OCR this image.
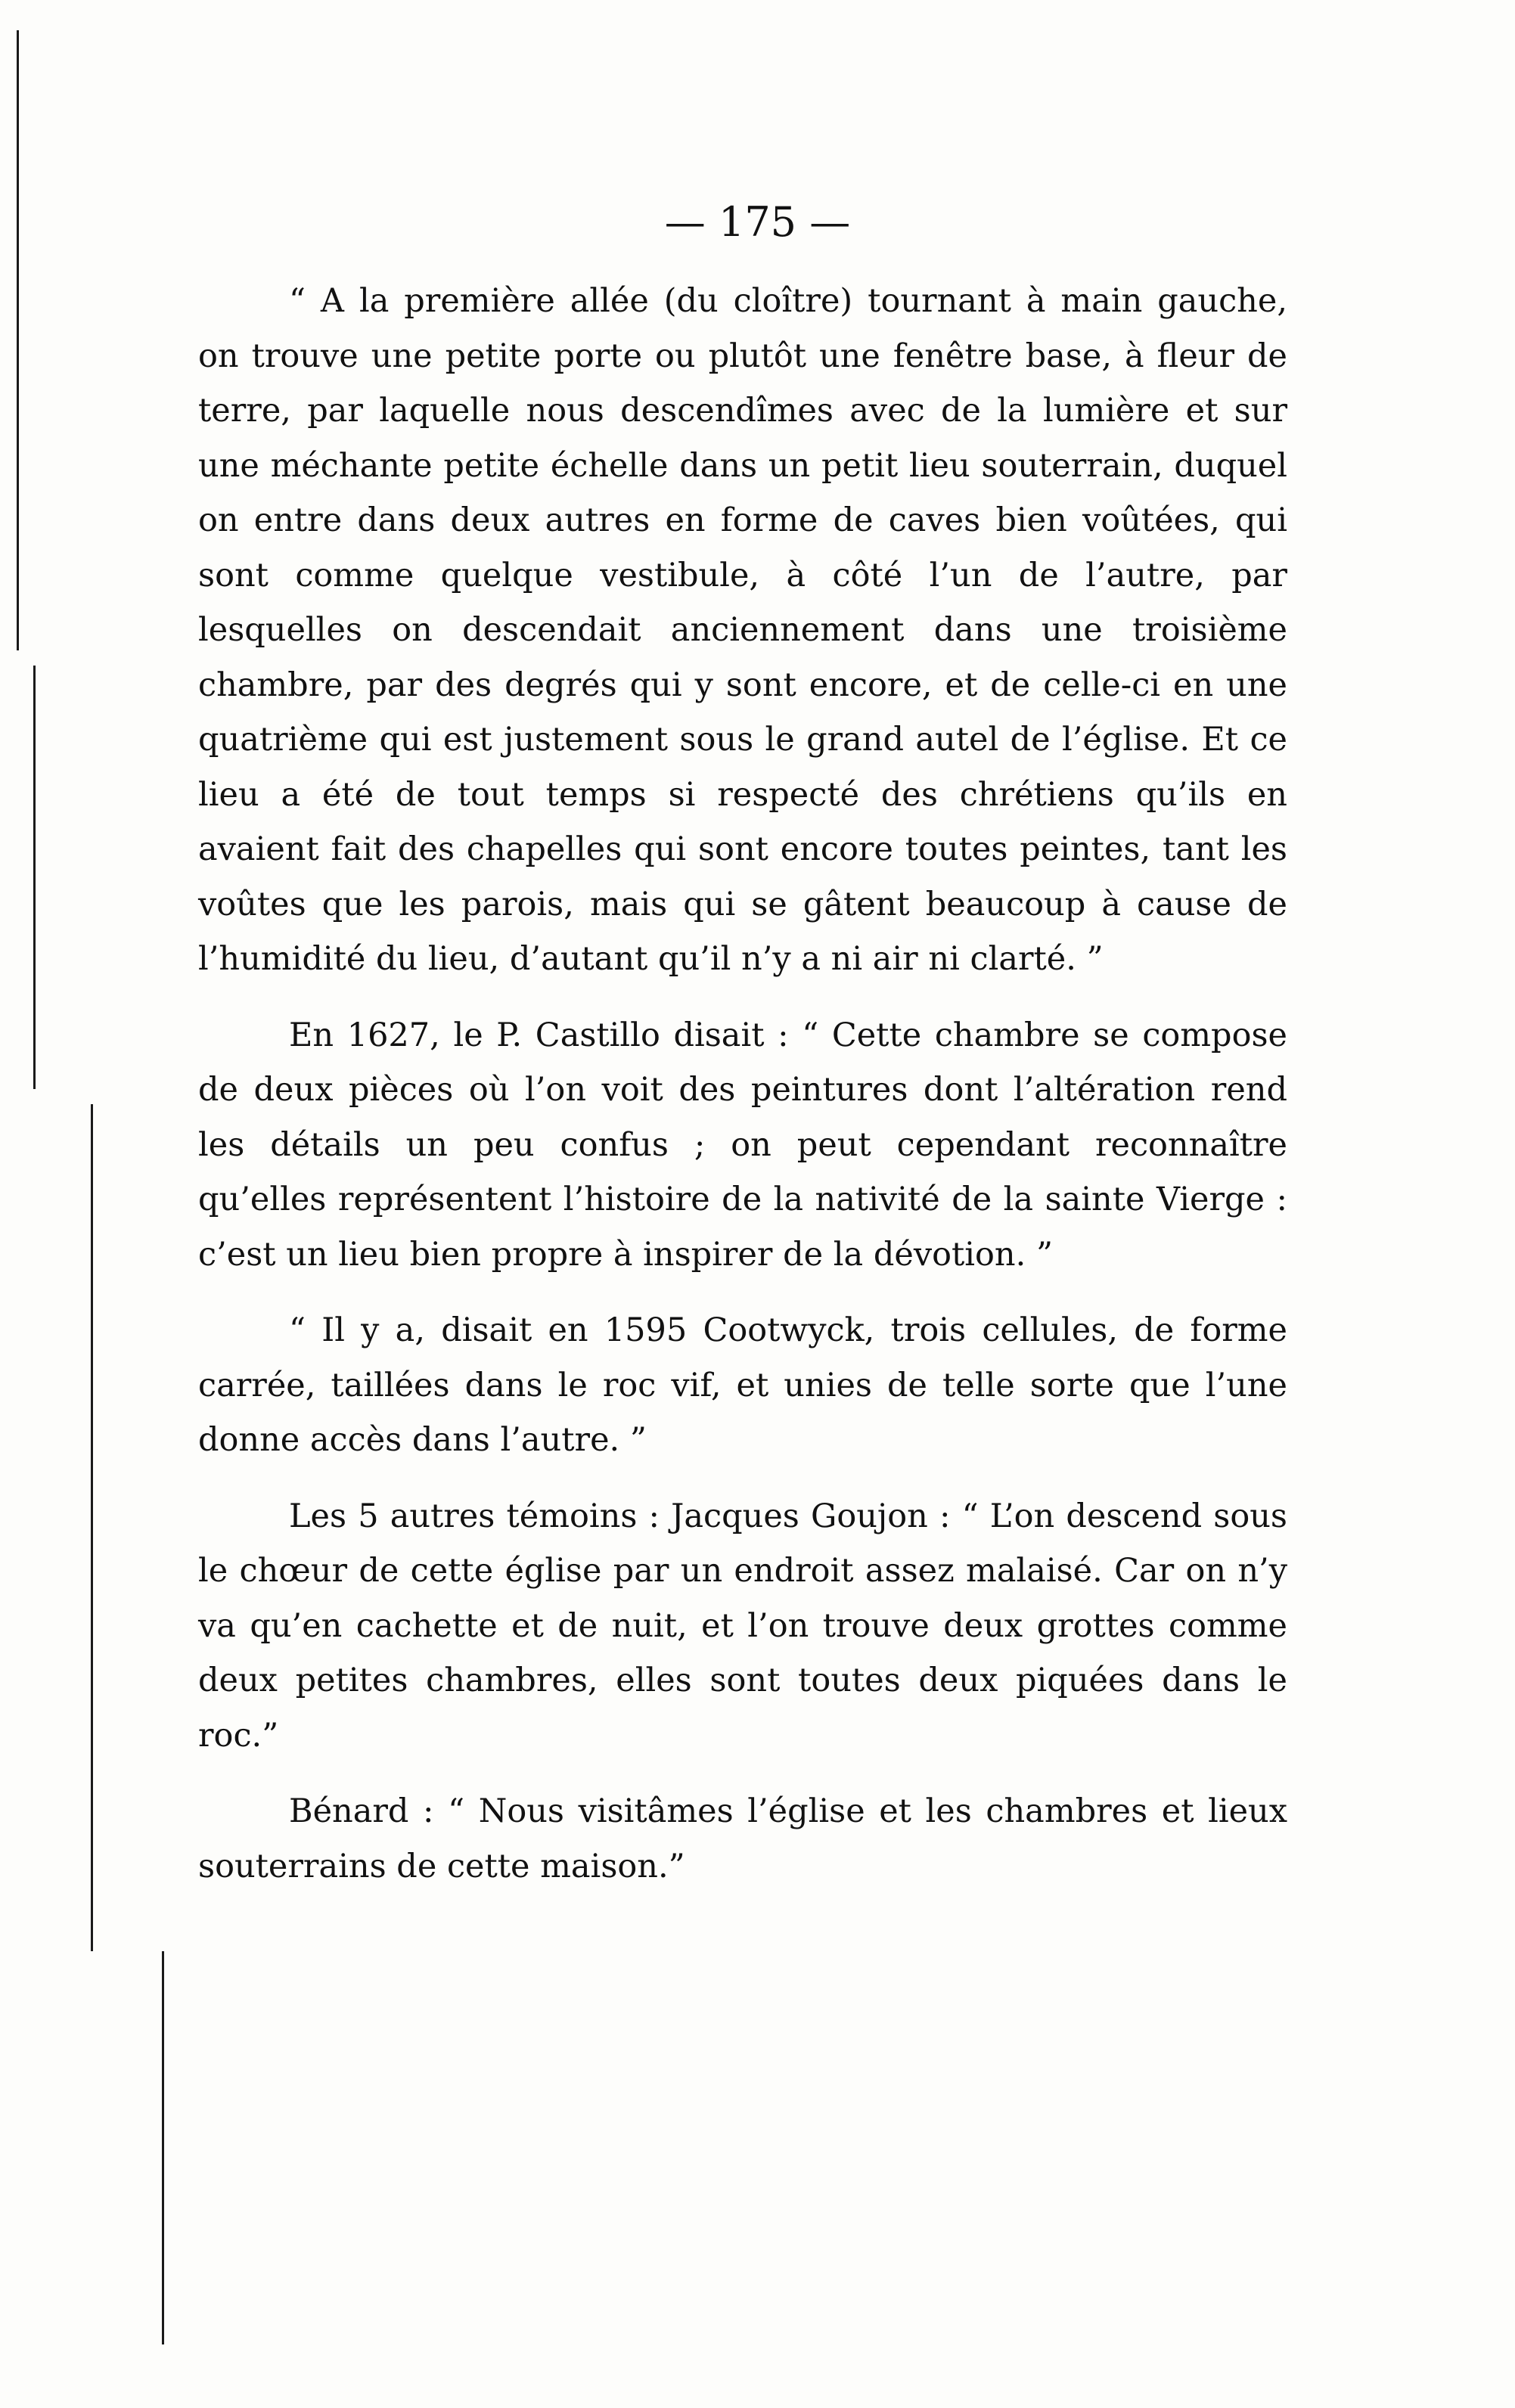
— 175 —

“ A la première allée (du cloître) tournant à main gauche, on trouve une petite porte ou plutôt une fenêtre base, à fleur de terre, par laquelle nous descendîmes avec de la lumière et sur une méchante petite échelle dans un petit lieu souterrain, duquel on entre dans deux autres en forme de caves bien voûtées, qui sont comme quelque vestibule, à côté l’un de l’autre, par lesquelles on descendait anciennement dans une troisième chambre, par des degrés qui y sont encore, et de celle-ci en une quatrième qui est justement sous le grand autel de l’église. Et ce lieu a été de tout temps si respecté des chrétiens qu’ils en avaient fait des chapelles qui sont encore toutes peintes, tant les voûtes que les parois, mais qui se gâtent beaucoup à cause de l’humidité du lieu, d’autant qu’il n’y a ni air ni clarté. ”

En 1627, le P. Castillo disait : “ Cette chambre se compose de deux pièces où l’on voit des peintures dont l’altération rend les détails un peu confus ; on peut cependant reconnaître qu’elles représentent l’histoire de la nativité de la sainte Vierge : c’est un lieu bien propre à inspirer de la dévotion. ”

“ Il y a, disait en 1595 Cootwyck, trois cellules, de forme carrée, taillées dans le roc vif, et unies de telle sorte que l’une donne accès dans l’autre. ”

Les 5 autres témoins : Jacques Goujon : “ L’on descend sous le chœur de cette église par un endroit assez malaisé. Car on n’y va qu’en cachette et de nuit, et l’on trouve deux grottes comme deux petites chambres, elles sont toutes deux piquées dans le roc.”

Bénard : “ Nous visitâmes l’église et les chambres et lieux souterrains de cette maison.”
